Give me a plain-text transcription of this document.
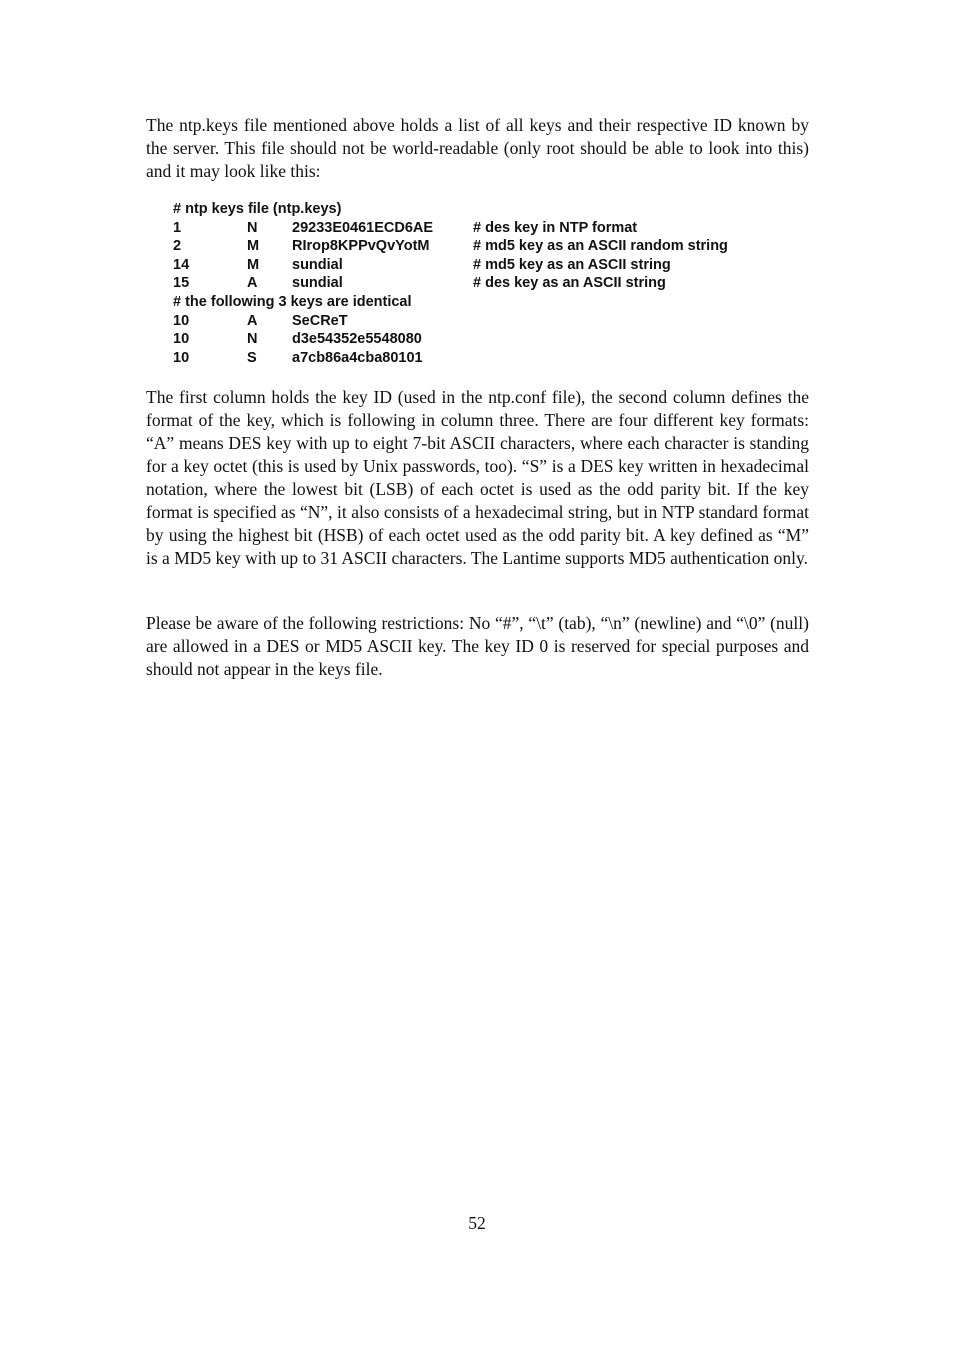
The ntp.keys file mentioned above holds a list of all keys and their respective ID known by the server. This file should not be world-readable (only root should be able to look into this) and it may look like this:

# ntp keys file (ntp.keys)
1	N 29233E0461ECD6AE	# des key in NTP format
2	M RIrop8KPPvQvYotM	# md5 key as an ASCII random string
14	M sundial	# md5 key as an ASCII string
15	A sundial	# des key as an ASCII string
# the following 3 keys are identical
10	A SeCReT
10	N d3e54352e5548080
10	S a7cb86a4cba80101

The first column holds the key ID (used in the ntp.conf file), the second column defines the format of the key, which is following in column three. There are four different key formats: “A” means DES key with up to eight 7-bit ASCII characters, where each character is standing for a key octet (this is used by Unix passwords, too). “S” is a DES key written in hexadecimal notation, where the lowest bit (LSB) of each octet is used as the odd parity bit. If the key format is specified as “N”, it also consists of a hexadecimal string, but in NTP standard format by using the highest bit (HSB) of each octet used as the odd parity bit. A key defined as “M” is a MD5 key with up to 31 ASCII characters. The Lantime supports MD5 authentication only.

Please be aware of the following restrictions: No “#”, “\t” (tab), “\n” (newline) and “\0” (null) are allowed in a DES or MD5 ASCII key. The key ID 0 is reserved for special purposes and should not appear in the keys file.

52
